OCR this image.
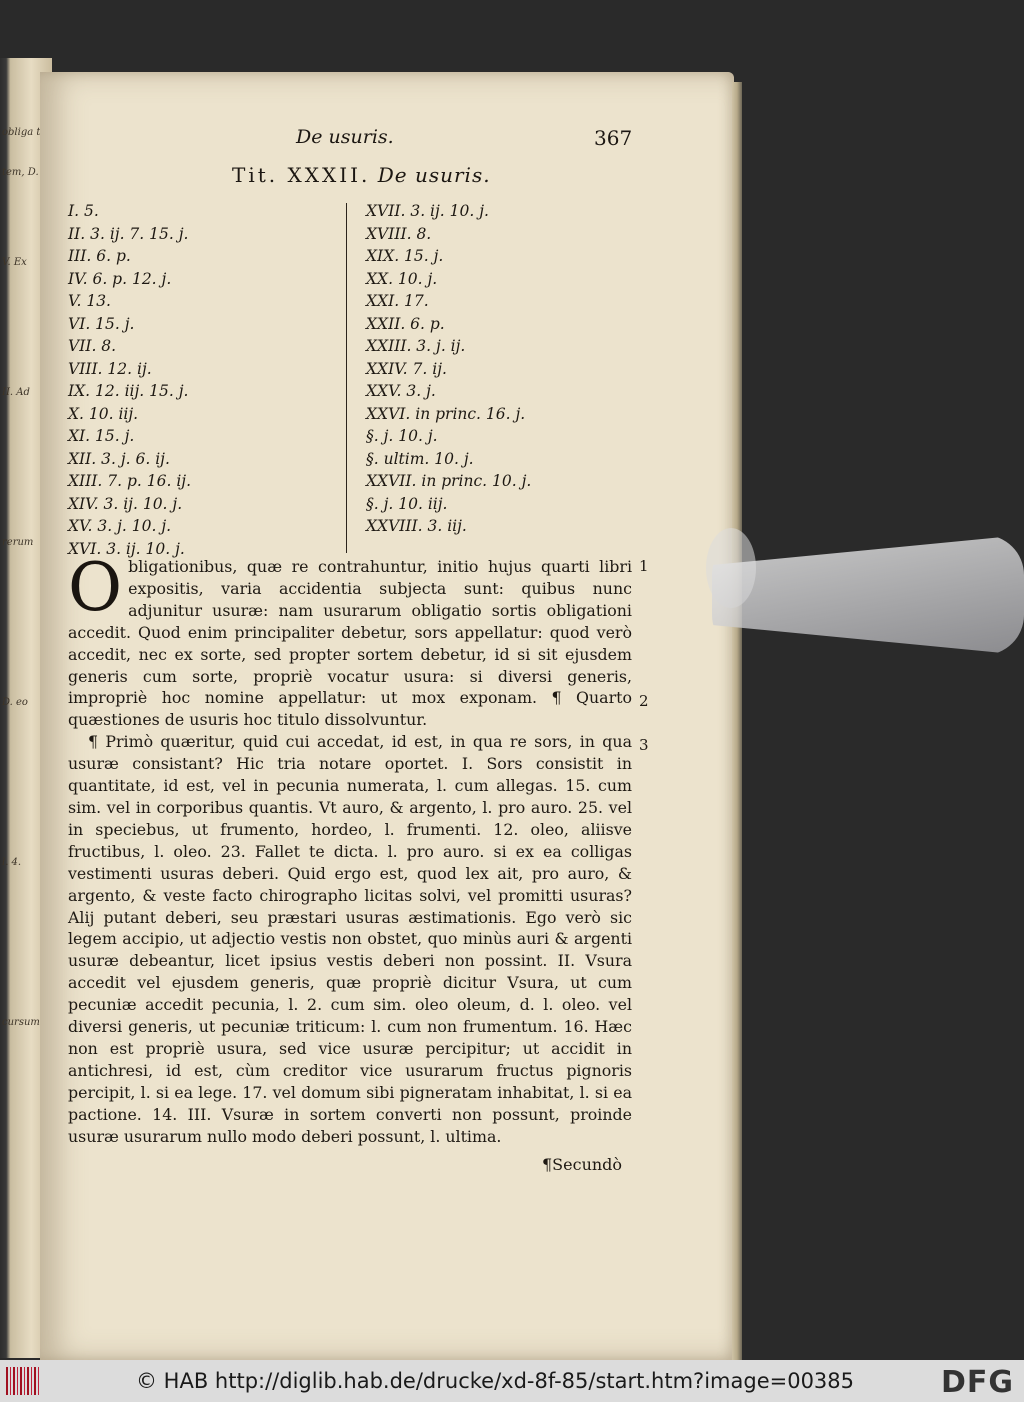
obliga t
tem, D.
V. Ex
II. Ad
rerum
D. eo
l. 4.
cursum
De usuris.	367
Tit. XXXII. De usuris.
I. 5.
II. 3. ij. 7. 15. j.
III. 6. p.
IV. 6. p. 12. j.
V. 13.
VI. 15. j.
VII. 8.
VIII. 12. ij.
IX. 12. iij. 15. j.
X. 10. iij.
XI. 15. j.
XII. 3. j. 6. ij.
XIII. 7. p. 16. ij.
XIV. 3. ij. 10. j.
XV. 3. j. 10. j.
XVI. 3. ij. 10. j.
XVII. 3. ij. 10. j.
XVIII. 8.
XIX. 15. j.
XX. 10. j.
XXI. 17.
XXII. 6. p.
XXIII. 3. j. ij.
XXIV. 7. ij.
XXV. 3. j.
XXVI. in princ. 16. j.
§. j. 10. j.
§. ultim. 10. j.
XXVII. in princ. 10. j.
§. j. 10. iij.
XXVIII. 3. iij.

Obligationibus, quæ re contrahuntur, initio hujus quarti libri expositis, varia accidentia subjecta sunt: quibus nunc adjunitur usuræ: nam usurarum obligatio sortis obligationi accedit. Quod enim principaliter debetur, sors appellatur: quod verò accedit, nec ex sorte, sed propter sortem debetur, id si sit ejusdem generis cum sorte, propriè vocatur usura: si diversi generis, impropriè hoc nomine appellatur: ut mox exponam. ¶ Quarto quæstiones de usuris hoc titulo dissolvuntur.

¶ Primò quæritur, quid cui accedat, id est, in qua re sors, in qua usuræ consistant? Hic tria notare oportet. I. Sors consistit in quantitate, id est, vel in pecunia numerata, l. cum allegas. 15. cum sim. vel in corporibus quantis. Vt auro, & argento, l. pro auro. 25. vel in speciebus, ut frumento, hordeo, l. frumenti. 12. oleo, aliisve fructibus, l. oleo. 23. Fallet te dicta. l. pro auro. si ex ea colligas vestimenti usuras deberi. Quid ergo est, quod lex ait, pro auro, & argento, & veste facto chirographo licitas solvi, vel promitti usuras? Alij putant deberi, seu præstari usuras æstimationis. Ego verò sic legem accipio, ut adjectio vestis non obstet, quo minùs auri & argenti usuræ debeantur, licet ipsius vestis deberi non possint. II. Vsura accedit vel ejusdem generis, quæ propriè dicitur Vsura, ut cum pecuniæ accedit pecunia, l. 2. cum sim. oleo oleum, d. l. oleo. vel diversi generis, ut pecuniæ triticum: l. cum non frumentum. 16. Hæc non est propriè usura, sed vice usuræ percipitur; ut accidit in antichresi, id est, cùm creditor vice usurarum fructus pignoris percipit, l. si ea lege. 17. vel domum sibi pigneratam inhabitat, l. si ea pactione. 14. III. Vsuræ in sortem converti non possunt, proinde usuræ usurarum nullo modo deberi possunt, l. ultima.

1
2
3
¶Secundò
© HAB http://diglib.hab.de/drucke/xd-8f-85/start.htm?image=00385	DFG
